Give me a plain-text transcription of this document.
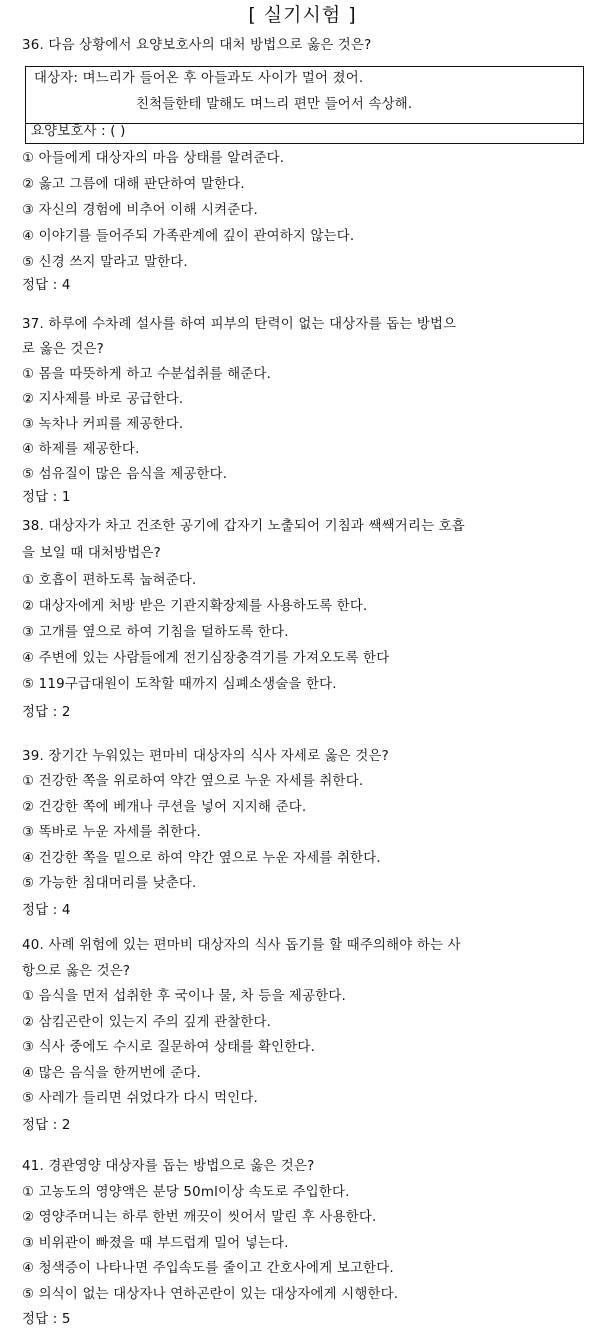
[ 실기시험 ]
36. 다음 상황에서 요양보호사의 대처 방법으로 옳은 것은?
대상자: 며느리가 들어온 후 아들과도 사이가 멀어 졌어.
친척들한테 말해도 며느리 편만 들어서 속상해.
요양보호사 : ( )
① 아들에게 대상자의 마음 상태를 알려준다.
② 옳고 그름에 대해 판단하여 말한다.
③ 자신의 경험에 비추어 이해 시켜준다.
④ 이야기를 들어주되 가족관계에 깊이 관여하지 않는다.
⑤ 신경 쓰지 말라고 말한다.
정답 : 4
37. 하루에 수차례 설사를 하여 피부의 탄력이 없는 대상자를 돕는 방법으
로 옳은 것은?
① 몸을 따뜻하게 하고 수분섭취를 해준다.
② 지사제를 바로 공급한다.
③ 녹차나 커피를 제공한다.
④ 하제를 제공한다.
⑤ 섬유질이 많은 음식을 제공한다.
정답 : 1
38. 대상자가 차고 건조한 공기에 갑자기 노출되어 기침과 쌕쌕거리는 호흡
을 보일 때 대처방법은?
① 호흡이 편하도록 눕혀준다.
② 대상자에게 처방 받은 기관지확장제를 사용하도록 한다.
③ 고개를 옆으로 하여 기침을 덜하도록 한다.
④ 주변에 있는 사람들에게 전기심장충격기를 가져오도록 한다
⑤ 119구급대원이 도착할 때까지 심폐소생술을 한다.
정답 : 2
39. 장기간 누워있는 편마비 대상자의 식사 자세로 옳은 것은?
① 건강한 쪽을 위로하여 약간 옆으로 누운 자세를 취한다.
② 건강한 쪽에 베개나 쿠션을 넣어 지지해 준다.
③ 똑바로 누운 자세를 취한다.
④ 건강한 쪽을 밑으로 하여 약간 옆으로 누운 자세를 취한다.
⑤ 가능한 침대머리를 낮춘다.
정답 : 4
40. 사례 위험에 있는 편마비 대상자의 식사 돕기를 할 때주의해야 하는 사
항으로 옳은 것은?
① 음식을 먼저 섭취한 후 국이나 물, 차 등을 제공한다.
② 삼킴곤란이 있는지 주의 깊게 관찰한다.
③ 식사 중에도 수시로 질문하여 상태를 확인한다.
④ 많은 음식을 한꺼번에 준다.
⑤ 사레가 들리면 쉬었다가 다시 먹인다.
정답 : 2
41. 경관영양 대상자를 돕는 방법으로 옳은 것은?
① 고농도의 영양액은 분당 50ml이상 속도로 주입한다.
② 영양주머니는 하루 한번 깨끗이 씻어서 말린 후 사용한다.
③ 비위관이 빠졌을 때 부드럽게 밀어 넣는다.
④ 청색증이 나타나면 주입속도를 줄이고 간호사에게 보고한다.
⑤ 의식이 없는 대상자나 연하곤란이 있는 대상자에게 시행한다.
정답 : 5
